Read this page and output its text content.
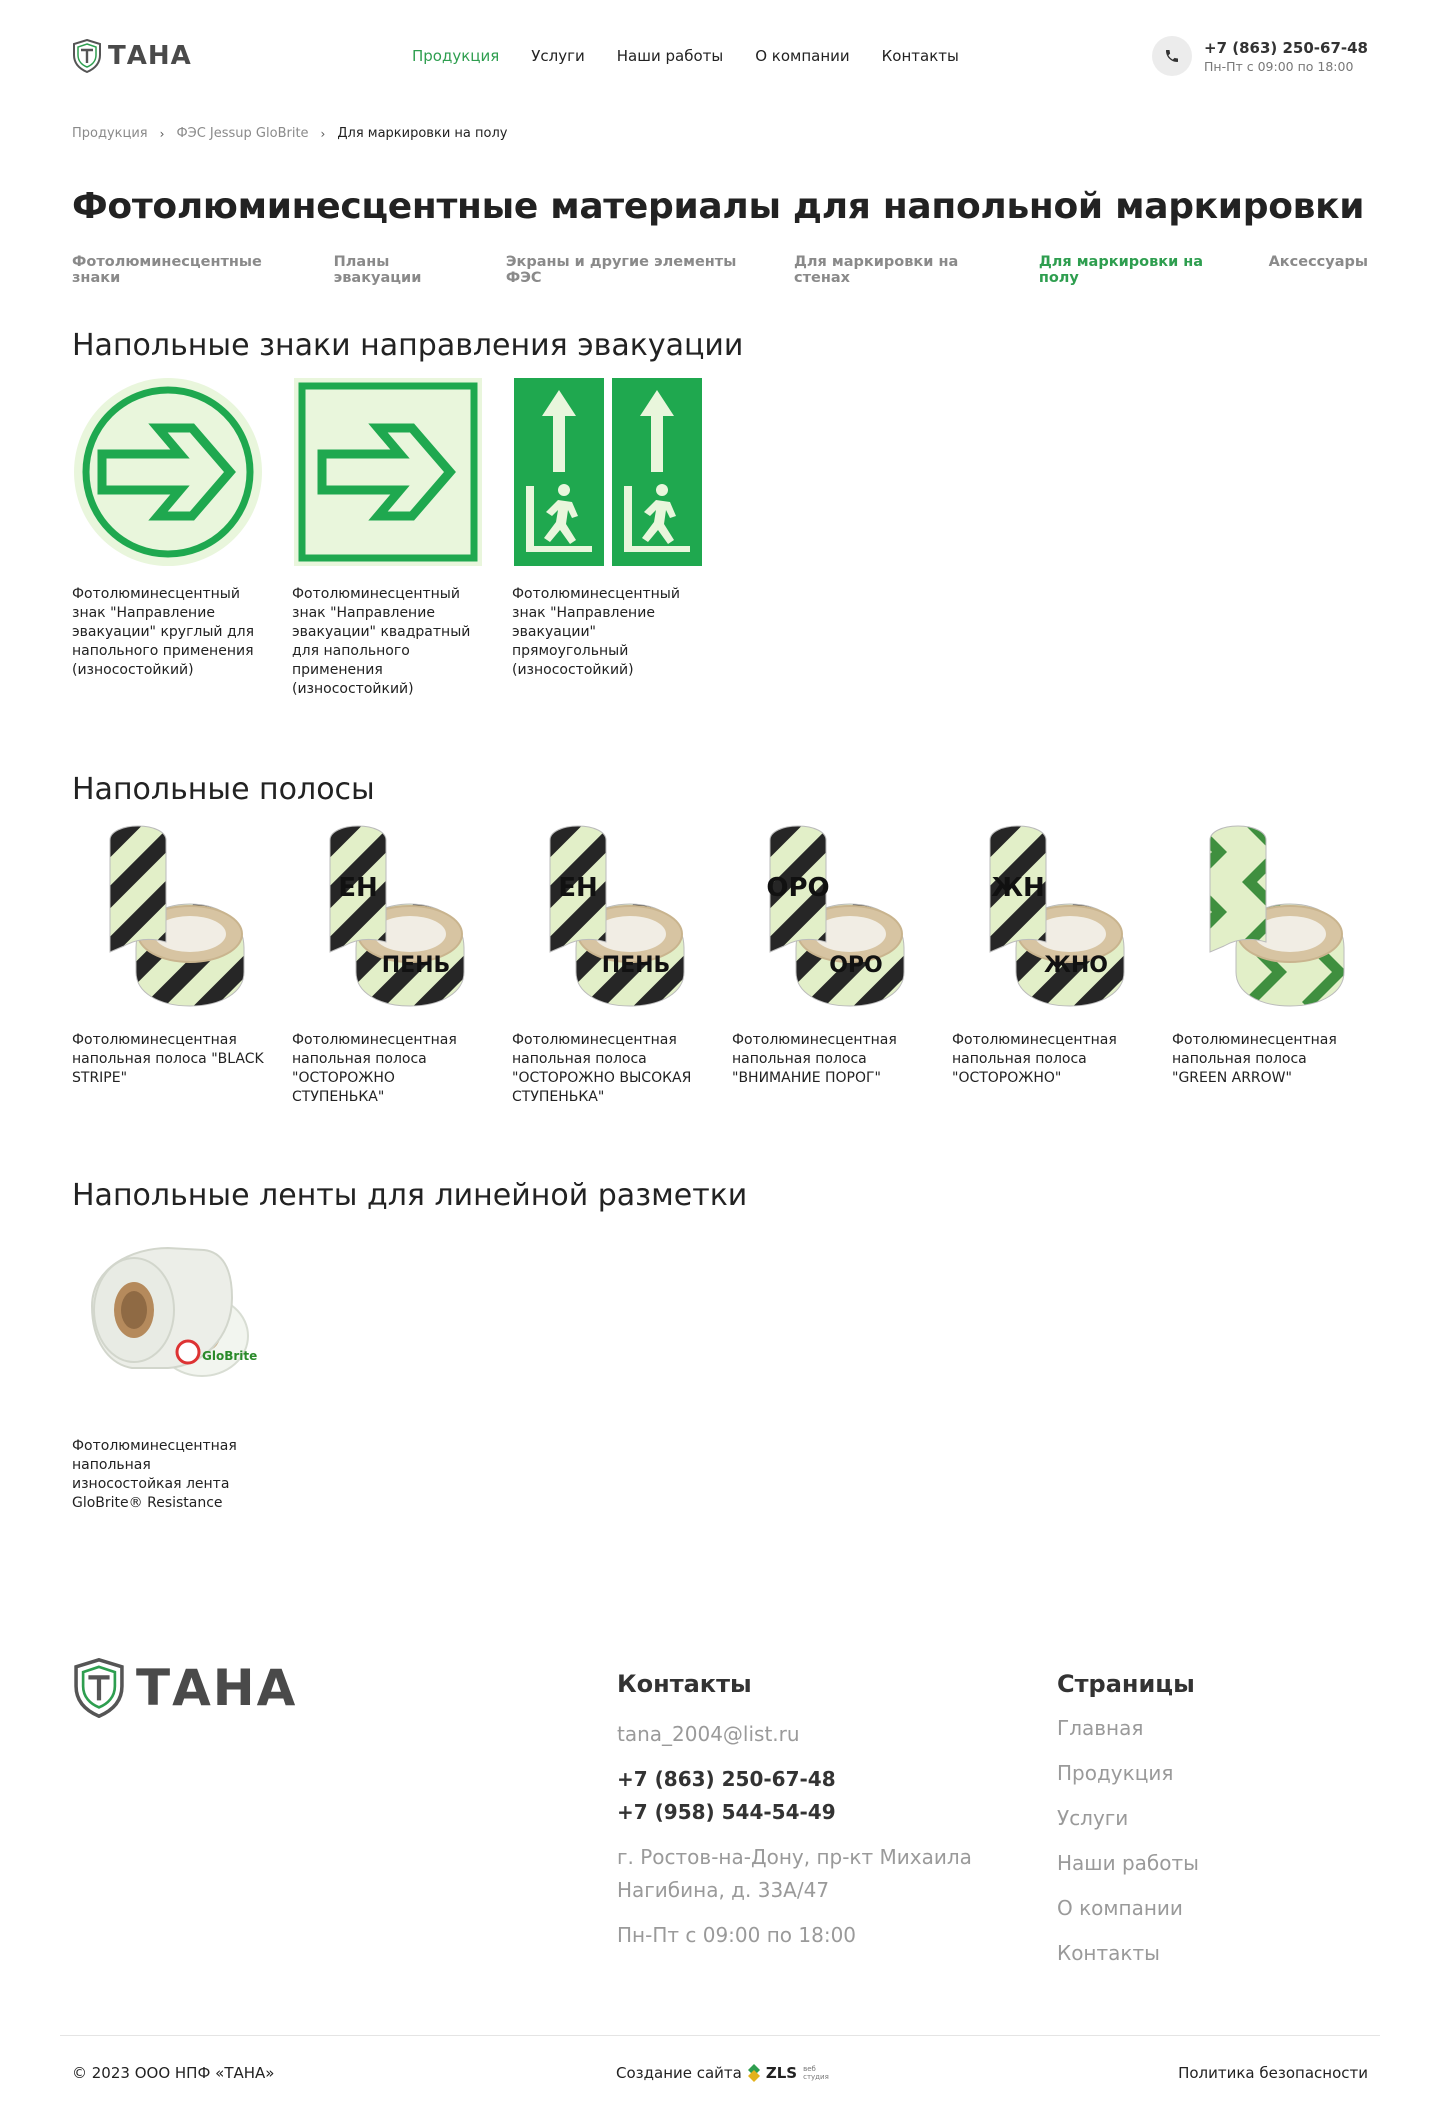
ТАНА	Продукция Услуги Наши работы О компании Контакты	+7 (863) 250-67-48
Пн-Пт с 09:00 по 18:00
Продукция › ФЭС Jessup GloBrite › Для маркировки на полу
Фотолюминесцентные материалы для напольной маркировки
Фотолюминесцентные знаки
Планы эвакуации
Экраны и другие элементы ФЭС
Для маркировки на стенах
Для маркировки на полу
Аксессуары
Напольные знаки направления эвакуации
Фотолюминесцентный знак "Направление эвакуации" круглый для напольного применения (износостойкий)
Фотолюминесцентный знак "Направление эвакуации" квадратный для напольного применения (износостойкий)
Фотолюминесцентный знак "Направление эвакуации" прямоугольный (износостойкий)
Напольные полосы
Фотолюминесцентная напольная полоса "BLACK STRIPE"
ЕН
ПЕНЬ
Фотолюминесцентная напольная полоса "ОСТОРОЖНО СТУПЕНЬКА"
ЕН
ПЕНЬ
Фотолюминесцентная напольная полоса "ОСТОРОЖНО ВЫСОКАЯ СТУПЕНЬКА"
ОРО
ОРО
Фотолюминесцентная напольная полоса "ВНИМАНИЕ ПОРОГ"
ЖН
ЖНО
Фотолюминесцентная напольная полоса "ОСТОРОЖНО"
Фотолюминесцентная напольная полоса "GREEN ARROW"
Напольные ленты для линейной разметки
GloBrite
Фотолюминесцентная напольная износостойкая лента GloBrite® Resistance
ТАНА	Контакты
tana_2004@list.ru
+7 (863) 250-67-48
+7 (958) 544-54-49
г. Ростов-на-Дону, пр-кт Михаила
Нагибина, д. 33А/47
Пн-Пт с 09:00 по 18:00
Страницы
Главная
Продукция
Услуги
Наши работы
О компании
Контакты
© 2023 ООО НПФ «ТАНА»	Создание сайта ZLS веб студия	Политика безопасности
